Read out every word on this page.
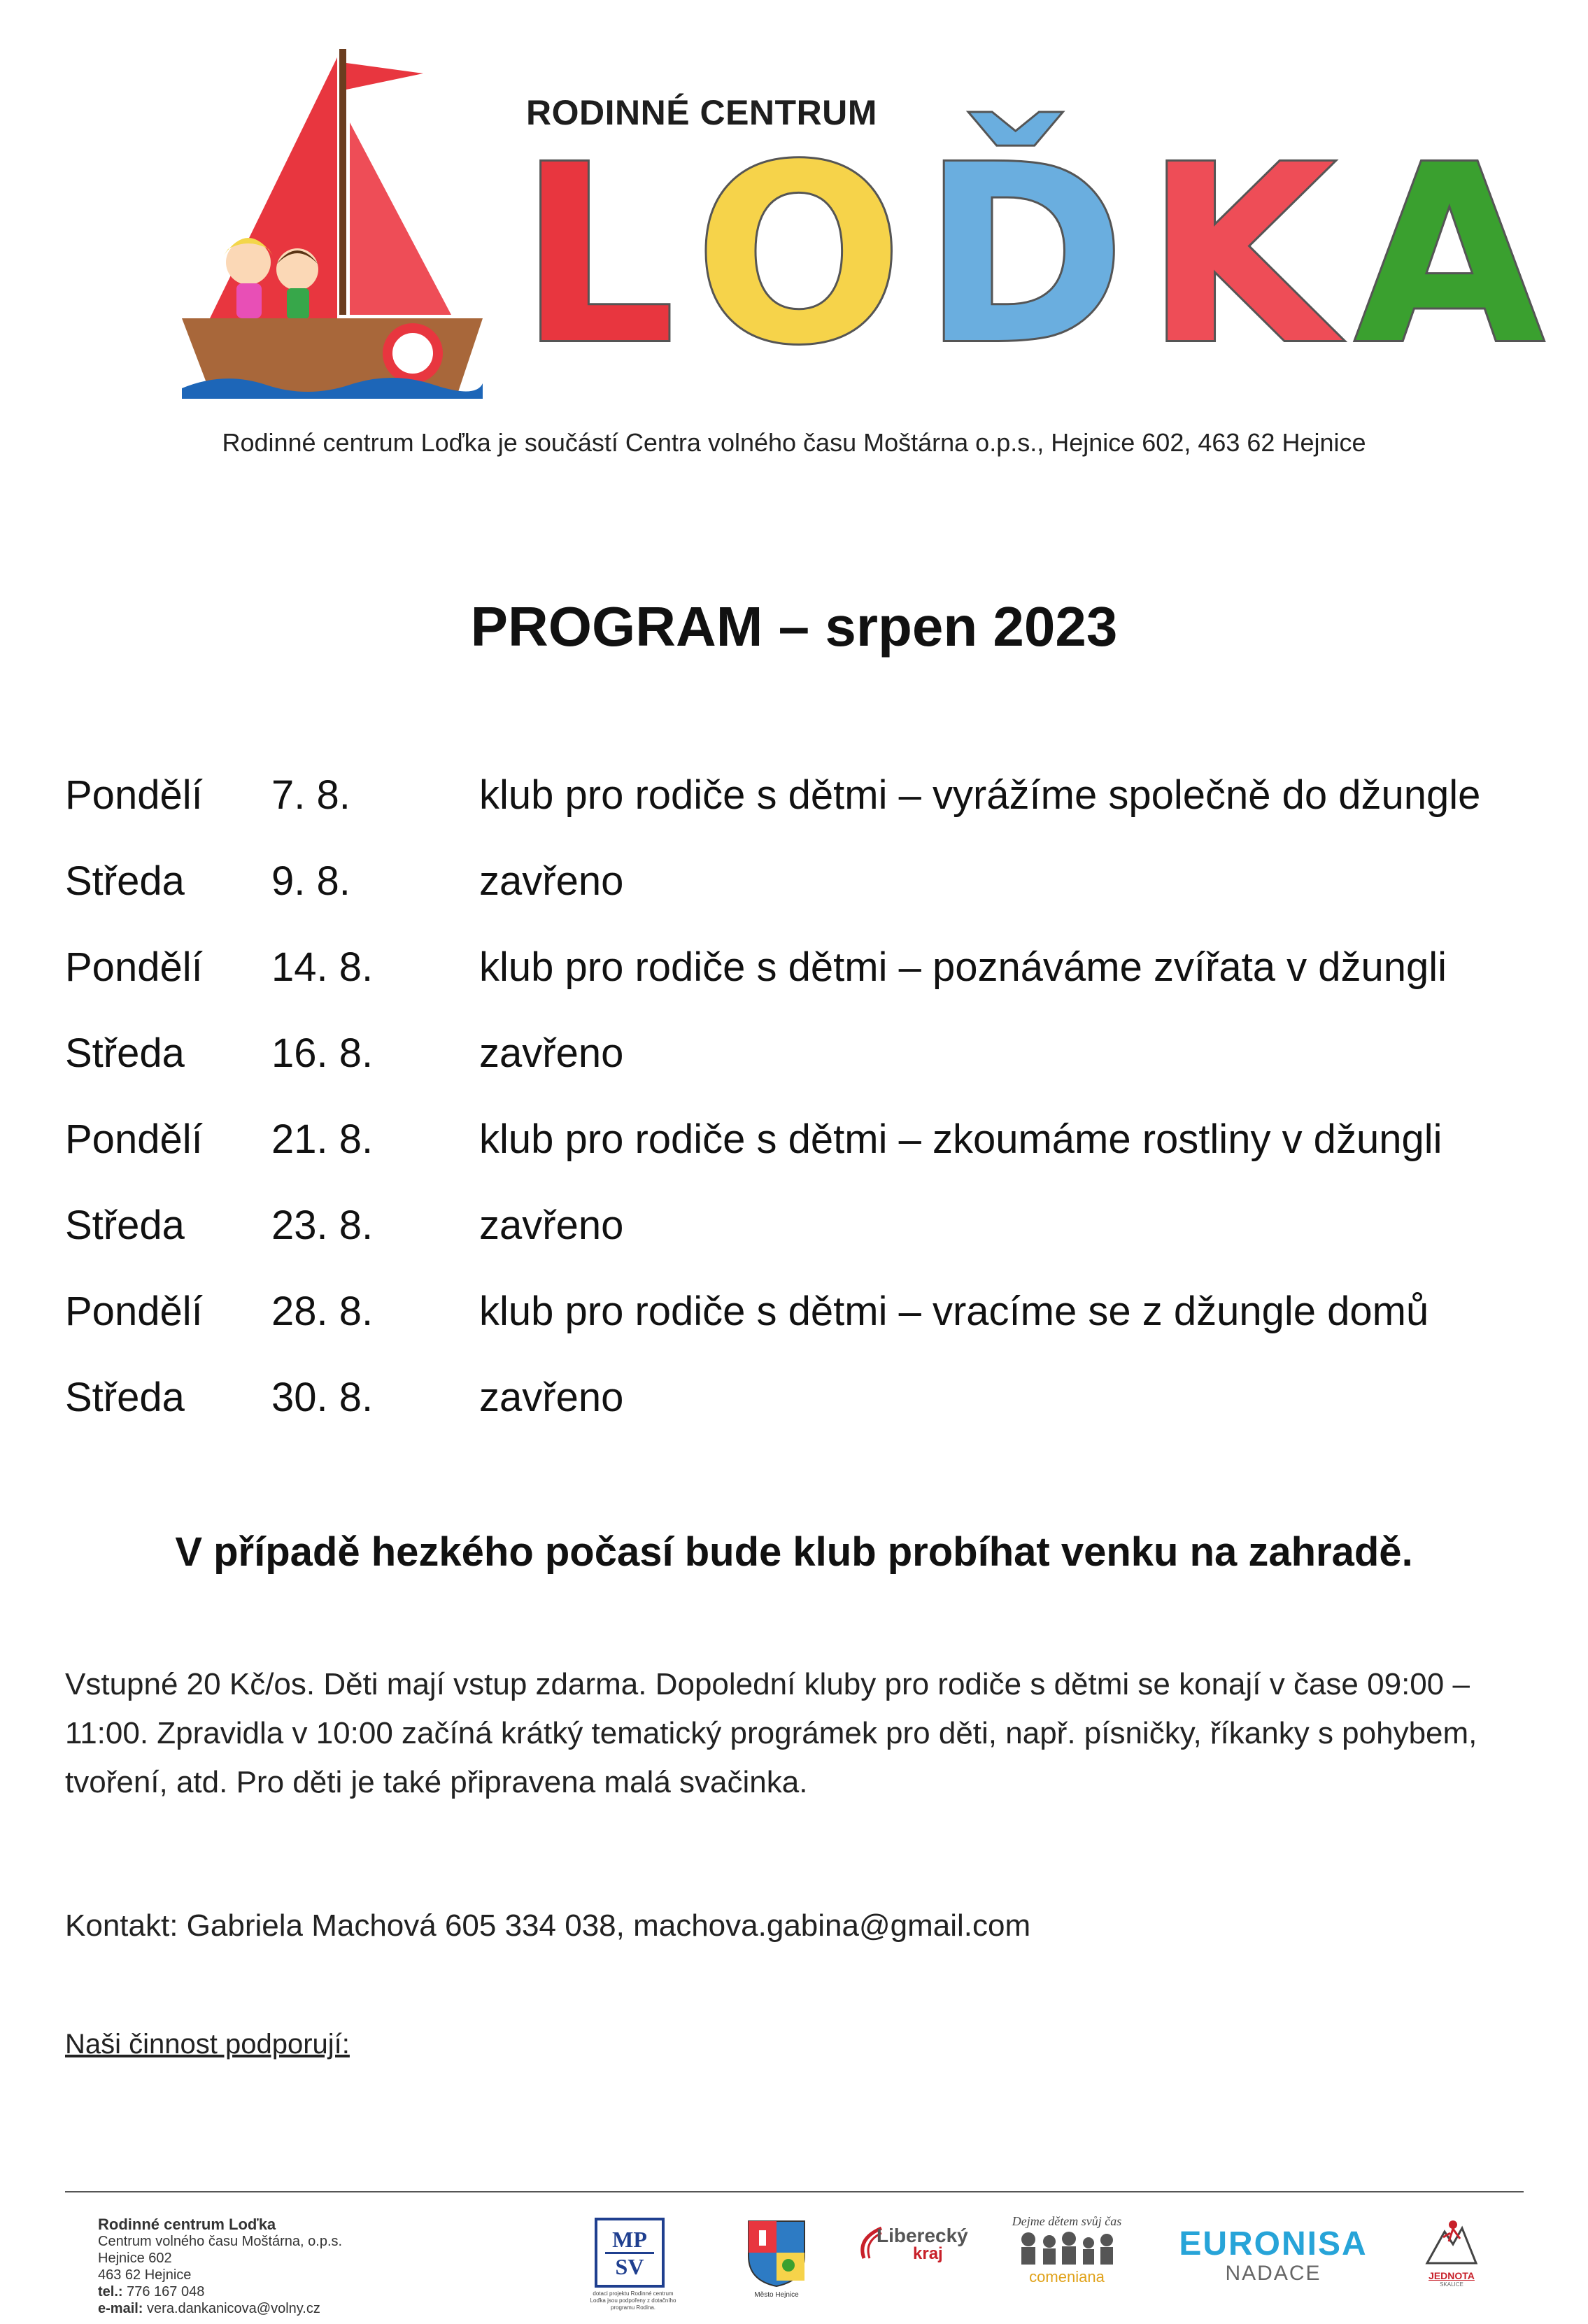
RODINNÉ CENTRUM
L O Ď K A
Rodinné centrum Loďka je součástí Centra volného času Moštárna o.p.s., Hejnice 602, 463 62 Hejnice
PROGRAM – srpen 2023
Pondělí	7. 8.	klub pro rodiče s dětmi – vyrážíme společně do džungle
Středa	9. 8.	zavřeno
Pondělí	14. 8.	klub pro rodiče s dětmi – poznáváme zvířata v džungli
Středa	16. 8.	zavřeno
Pondělí	21. 8.	klub pro rodiče s dětmi – zkoumáme rostliny v džungli
Středa	23. 8.	zavřeno
Pondělí	28. 8.	klub pro rodiče s dětmi – vracíme se z džungle domů
Středa	30. 8.	zavřeno
V případě hezkého počasí bude klub probíhat venku na zahradě.
Vstupné 20 Kč/os. Děti mají vstup zdarma. Dopolední kluby pro rodiče s dětmi se konají v čase 09:00 – 11:00. Zpravidla v 10:00 začíná krátký tematický prográmek pro děti, např. písničky, říkanky s pohybem, tvoření, atd. Pro děti je také připravena malá svačinka.
Kontakt: Gabriela Machová 605 334 038, machova.gabina@gmail.com
Naši činnost podporují:
Rodinné centrum Loďka
Centrum volného času Moštárna, o.p.s.
Hejnice 602
463 62 Hejnice
tel.: 776 167 048
e-mail: vera.dankanicova@volny.cz
MP
SV
dotaci projektu Rodinné centrum Loďka jsou podpořeny z dotačního programu Rodina.
Město Hejnice
Liberecký
kraj
Dejme dětem svůj čas
comeniana
EURONISA
NADACE	JEDNOTA
SKALICE
